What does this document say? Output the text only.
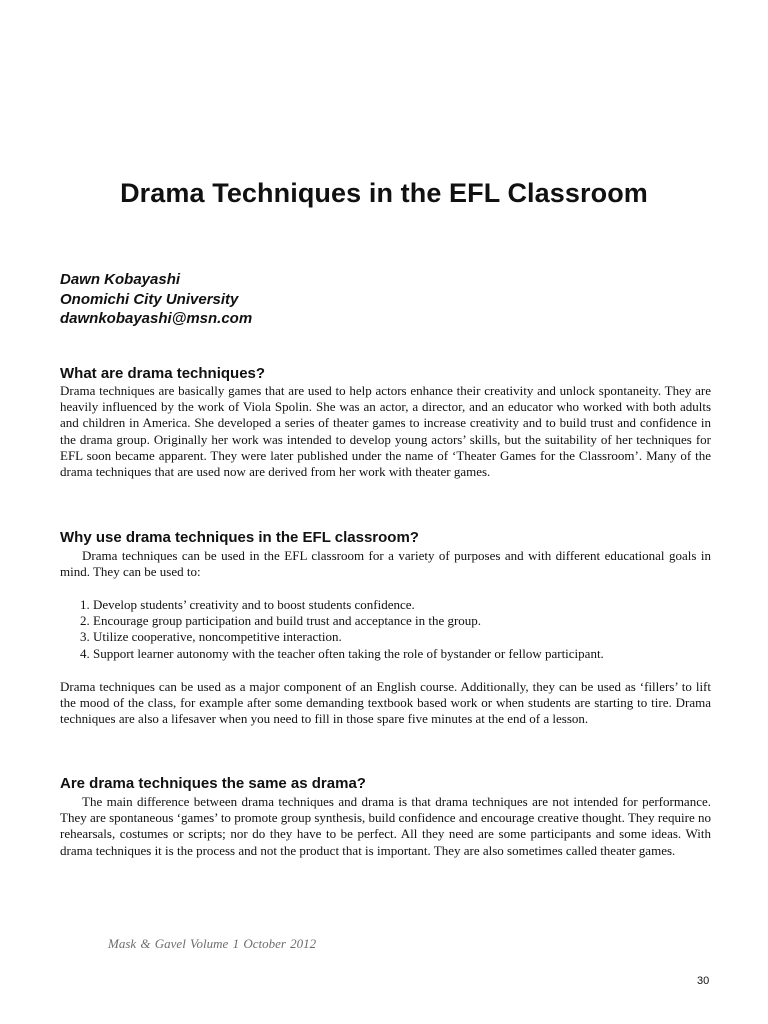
Drama Techniques in the EFL Classroom
Dawn Kobayashi
Onomichi City University
dawnkobayashi@msn.com
What are drama techniques?

Drama techniques are basically games that are used to help actors enhance their creativity and unlock spontaneity. They are heavily influenced by the work of Viola Spolin. She was an actor, a director, and an educator who worked with both adults and children in America. She developed a series of theater games to increase creativity and to build trust and confidence in the drama group. Originally her work was intended to develop young actors’ skills, but the suitability of her techniques for EFL soon became apparent. They were later published under the name of ‘Theater Games for the Classroom’. Many of the drama techniques that are used now are derived from her work with theater games.

Why use drama techniques in the EFL classroom?

Drama techniques can be used in the EFL classroom for a variety of purposes and with different educational goals in mind. They can be used to:

1. Develop students’ creativity and to boost students confidence.
2. Encourage group participation and build trust and acceptance in the group.
3. Utilize cooperative, noncompetitive interaction.
4. Support learner autonomy with the teacher often taking the role of bystander or fellow participant.

Drama techniques can be used as a major component of an English course. Additionally, they can be used as ‘fillers’ to lift the mood of the class, for example after some demanding textbook based work or when students are starting to tire. Drama techniques are also a lifesaver when you need to fill in those spare five minutes at the end of a lesson.

Are drama techniques the same as drama?

The main difference between drama techniques and drama is that drama techniques are not intended for performance. They are spontaneous ‘games’ to promote group synthesis, build confidence and encourage creative thought. They require no rehearsals, costumes or scripts; nor do they have to be perfect. All they need are some participants and some ideas. With drama techniques it is the process and not the product that is important. They are also sometimes called theater games.

Mask & Gavel Volume 1 October 2012
30
